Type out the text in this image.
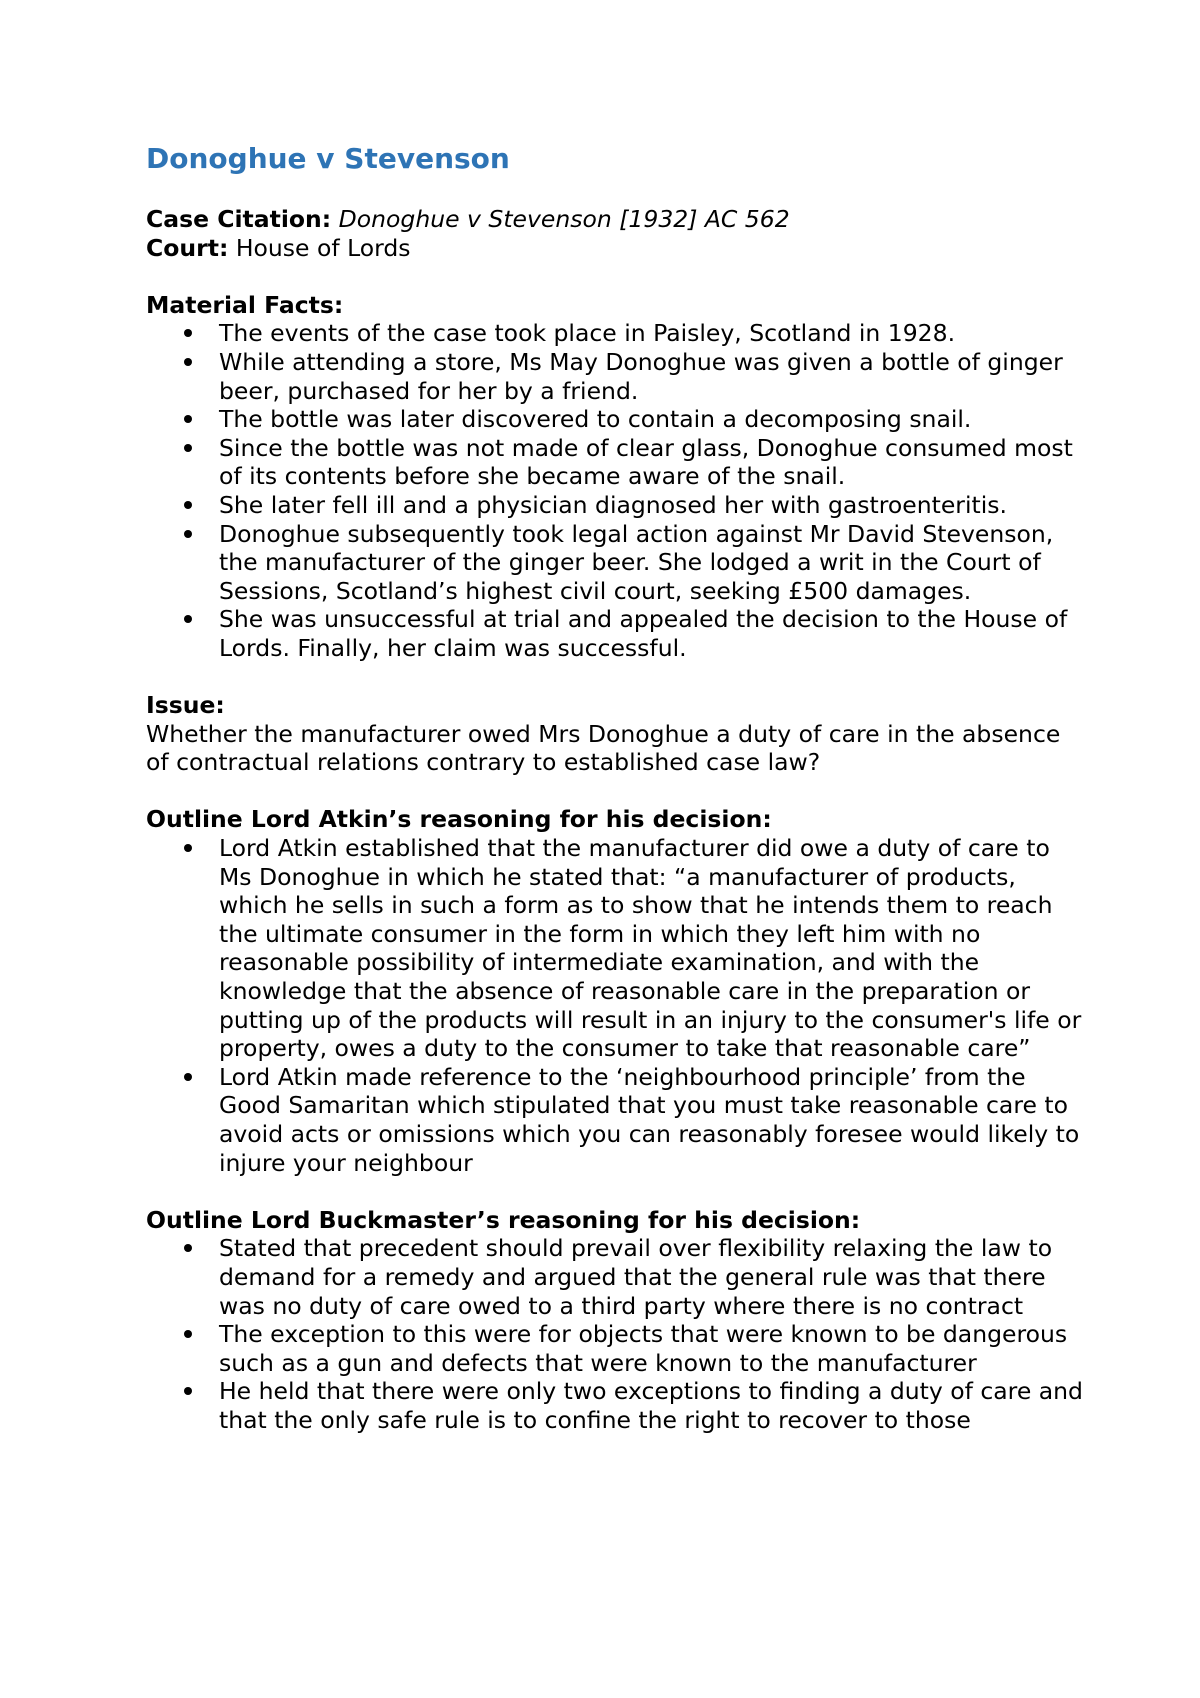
Donoghue v Stevenson

Case Citation: Donoghue v Stevenson [1932] AC 562

Court: House of Lords

Material Facts:

The events of the case took place in Paisley, Scotland in 1928.
While attending a store, Ms May Donoghue was given a bottle of ginger beer, purchased for her by a friend.
The bottle was later discovered to contain a decomposing snail.
Since the bottle was not made of clear glass, Donoghue consumed most of its contents before she became aware of the snail.
She later fell ill and a physician diagnosed her with gastroenteritis.
Donoghue subsequently took legal action against Mr David Stevenson, the manufacturer of the ginger beer. She lodged a writ in the Court of Sessions, Scotland’s highest civil court, seeking £500 damages.
She was unsuccessful at trial and appealed the decision to the House of Lords. Finally, her claim was successful.

Issue:

Whether the manufacturer owed Mrs Donoghue a duty of care in the absence of contractual relations contrary to established case law?

Outline Lord Atkin’s reasoning for his decision:

Lord Atkin established that the manufacturer did owe a duty of care to Ms Donoghue in which he stated that: “a manufacturer of products, which he sells in such a form as to show that he intends them to reach the ultimate consumer in the form in which they left him with no reasonable possibility of intermediate examination, and with the knowledge that the absence of reasonable care in the preparation or putting up of the products will result in an injury to the consumer's life or property, owes a duty to the consumer to take that reasonable care”
Lord Atkin made reference to the ‘neighbourhood principle’ from the Good Samaritan which stipulated that you must take reasonable care to avoid acts or omissions which you can reasonably foresee would likely to injure your neighbour

Outline Lord Buckmaster’s reasoning for his decision:

Stated that precedent should prevail over flexibility relaxing the law to demand for a remedy and argued that the general rule was that there was no duty of care owed to a third party where there is no contract
The exception to this were for objects that were known to be dangerous such as a gun and defects that were known to the manufacturer
He held that there were only two exceptions to finding a duty of care and that the only safe rule is to confine the right to recover to those
